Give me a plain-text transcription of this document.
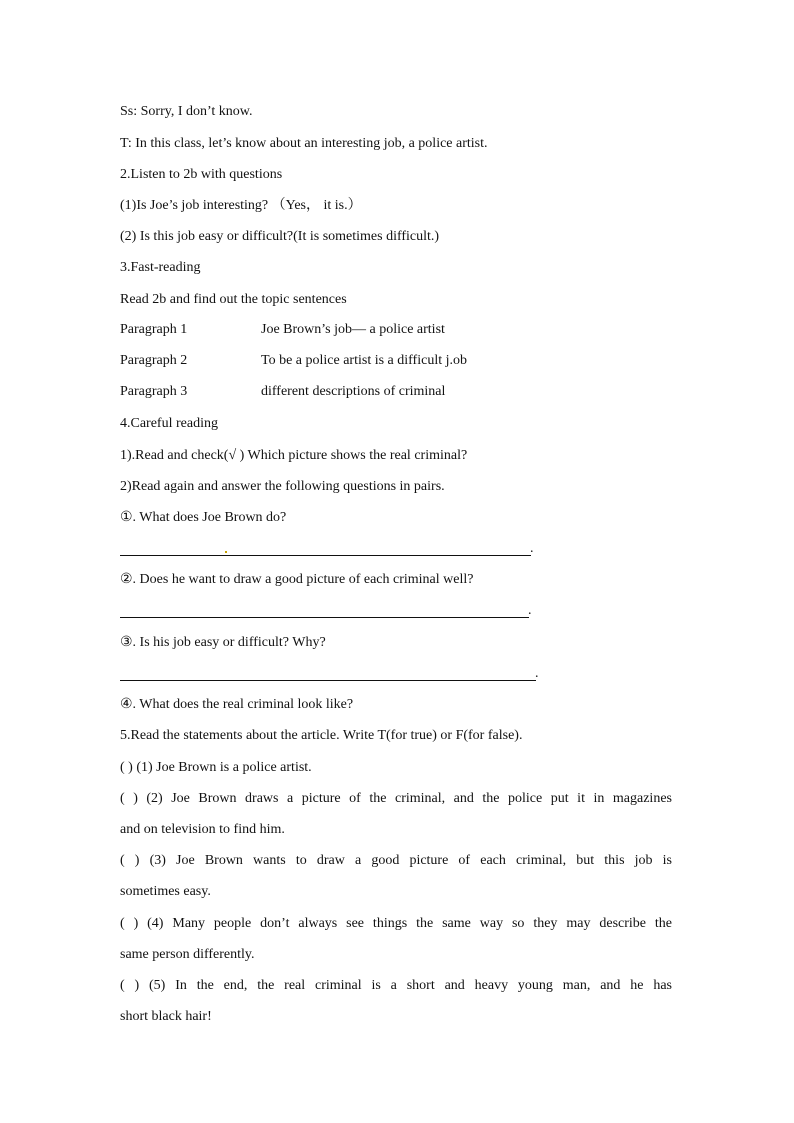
Ss: Sorry, I don’t know.
T: In this class, let’s know about an interesting job, a police artist.
2.Listen to 2b with questions
(1)Is Joe’s job interesting? （Yes， it is.）
(2) Is this job easy or difficult?(It is sometimes difficult.)
3.Fast-reading
Read 2b and find out the topic sentences
Paragraph 1	Joe Brown’s job— a police artist
Paragraph 2	To be a police artist is a difficult j.ob
Paragraph 3	different descriptions of criminal
4.Careful reading
1).Read and check(√ ) Which picture shows the real criminal?
2)Read again and answer the following questions in pairs.
①. What does Joe Brown do?
.
②. Does he want to draw a good picture of each criminal well?
.
③. Is his job easy or difficult? Why?
.
④. What does the real criminal look like?
5.Read the statements about the article. Write T(for true) or F(for false).
( ) (1) Joe Brown is a police artist.
( ) (2) Joe Brown draws a picture of the criminal, and the police put it in magazines
and on television to find him.
( ) (3) Joe Brown wants to draw a good picture of each criminal, but this job is
sometimes easy.
( ) (4) Many people don’t always see things the same way so they may describe the
same person differently.
( ) (5) In the end, the real criminal is a short and heavy young man, and he has
short black hair!
